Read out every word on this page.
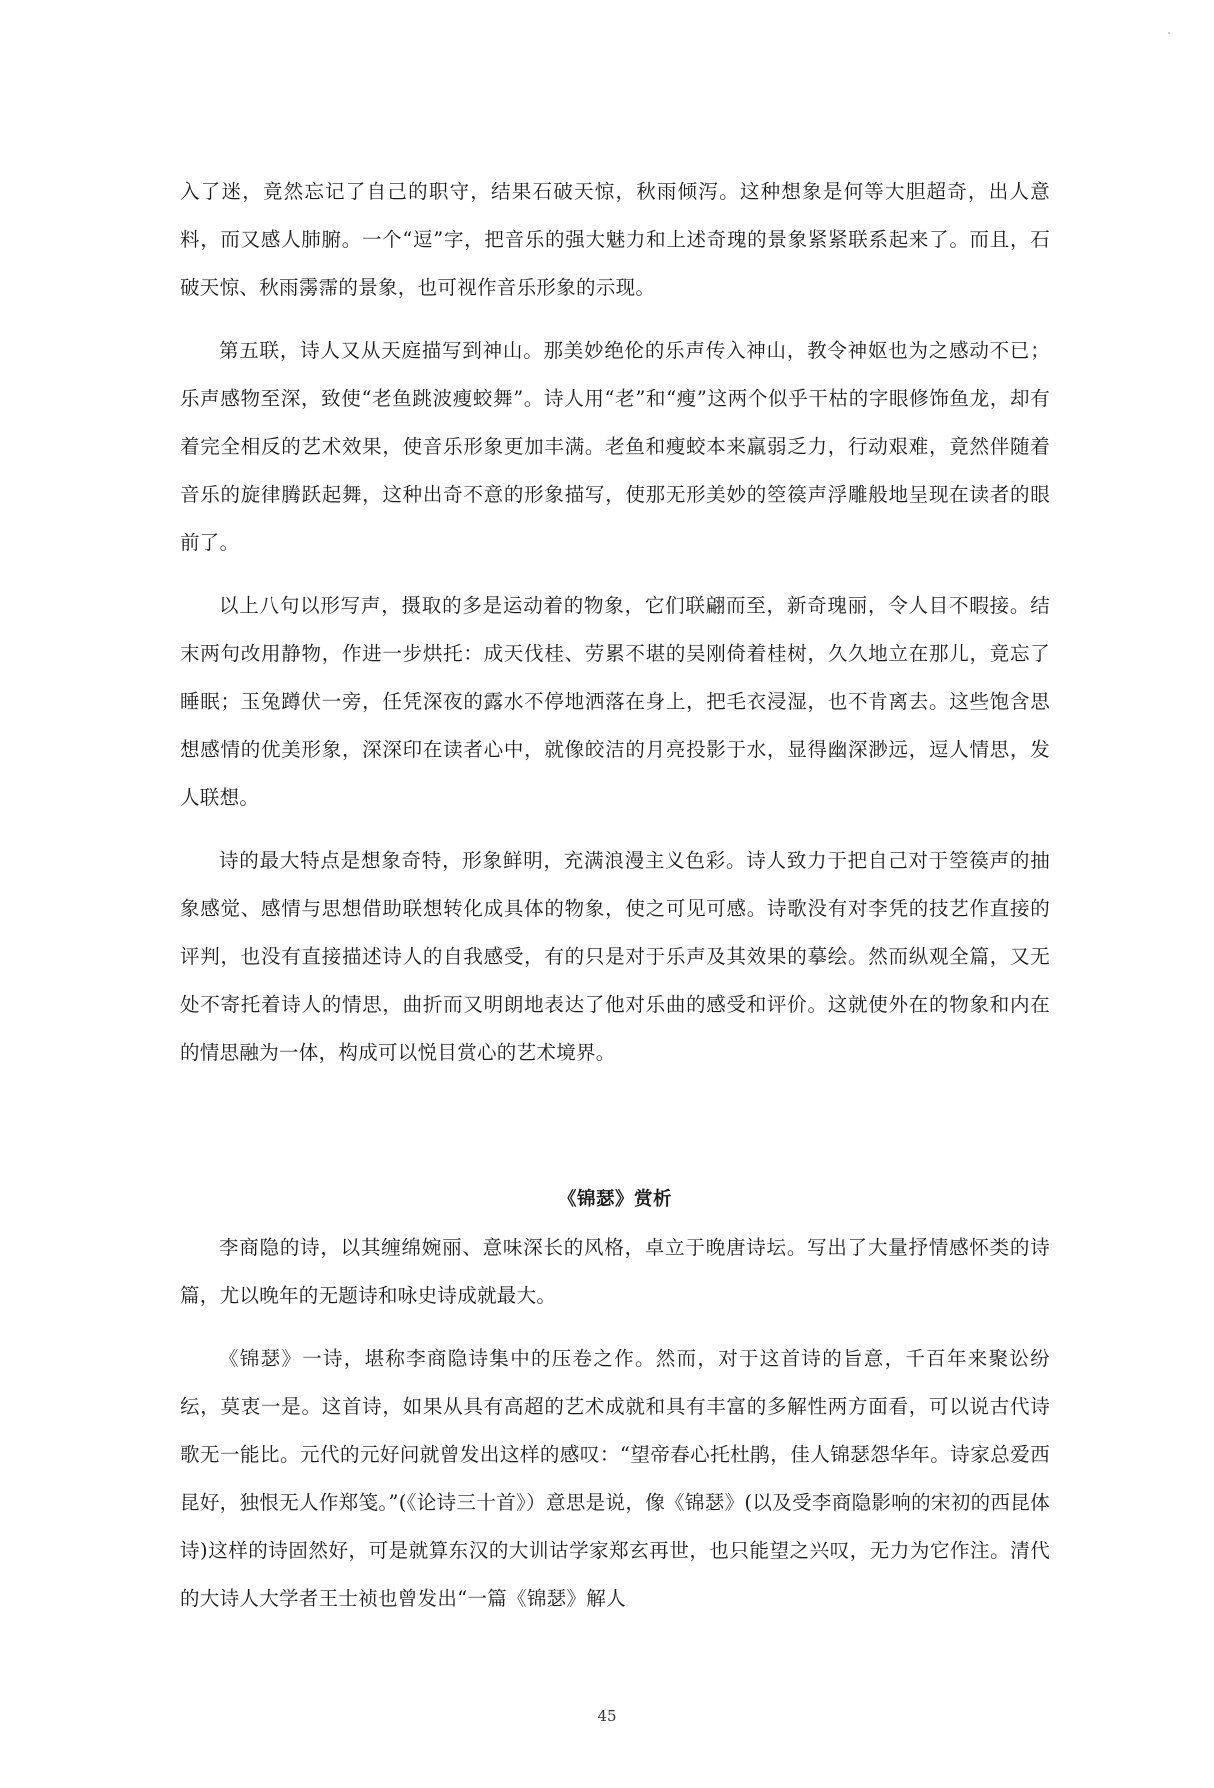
入了迷，竟然忘记了自己的职守，结果石破天惊，秋雨倾泻。这种想象是何等大胆超奇，出人意料，而又感人肺腑。一个“逗”字，把音乐的强大魅力和上述奇瑰的景象紧紧联系起来了。而且，石破天惊、秋雨霶霈的景象，也可视作音乐形象的示现。

第五联，诗人又从天庭描写到神山。那美妙绝伦的乐声传入神山，教令神妪也为之感动不已；乐声感物至深，致使“老鱼跳波瘦蛟舞”。诗人用“老”和“瘦”这两个似乎干枯的字眼修饰鱼龙，却有着完全相反的艺术效果，使音乐形象更加丰满。老鱼和瘦蛟本来羸弱乏力，行动艰难，竟然伴随着音乐的旋律腾跃起舞，这种出奇不意的形象描写，使那无形美妙的箜篌声浮雕般地呈现在读者的眼前了。

以上八句以形写声，摄取的多是运动着的物象，它们联翩而至，新奇瑰丽，令人目不暇接。结末两句改用静物，作进一步烘托：成天伐桂、劳累不堪的吴刚倚着桂树，久久地立在那儿，竟忘了睡眠；玉兔蹲伏一旁，任凭深夜的露水不停地洒落在身上，把毛衣浸湿，也不肯离去。这些饱含思想感情的优美形象，深深印在读者心中，就像皎洁的月亮投影于水，显得幽深渺远，逗人情思，发人联想。

诗的最大特点是想象奇特，形象鲜明，充满浪漫主义色彩。诗人致力于把自己对于箜篌声的抽象感觉、感情与思想借助联想转化成具体的物象，使之可见可感。诗歌没有对李凭的技艺作直接的评判，也没有直接描述诗人的自我感受，有的只是对于乐声及其效果的摹绘。然而纵观全篇，又无处不寄托着诗人的情思，曲折而又明朗地表达了他对乐曲的感受和评价。这就使外在的物象和内在的情思融为一体，构成可以悦目赏心的艺术境界。

《锦瑟》赏析

李商隐的诗，以其缠绵婉丽、意味深长的风格，卓立于晚唐诗坛。写出了大量抒情感怀类的诗篇，尤以晚年的无题诗和咏史诗成就最大。

《锦瑟》一诗，堪称李商隐诗集中的压卷之作。然而，对于这首诗的旨意，千百年来聚讼纷纭，莫衷一是。这首诗，如果从具有高超的艺术成就和具有丰富的多解性两方面看，可以说古代诗歌无一能比。元代的元好问就曾发出这样的感叹：“望帝春心托杜鹃，佳人锦瑟怨华年。诗家总爱西昆好，独恨无人作郑笺。”(《论诗三十首》）意思是说，像《锦瑟》(以及受李商隐影响的宋初的西昆体诗)这样的诗固然好，可是就算东汉的大训诂学家郑玄再世，也只能望之兴叹，无力为它作注。清代的大诗人大学者王士祯也曾发出“一篇《锦瑟》解人

45
